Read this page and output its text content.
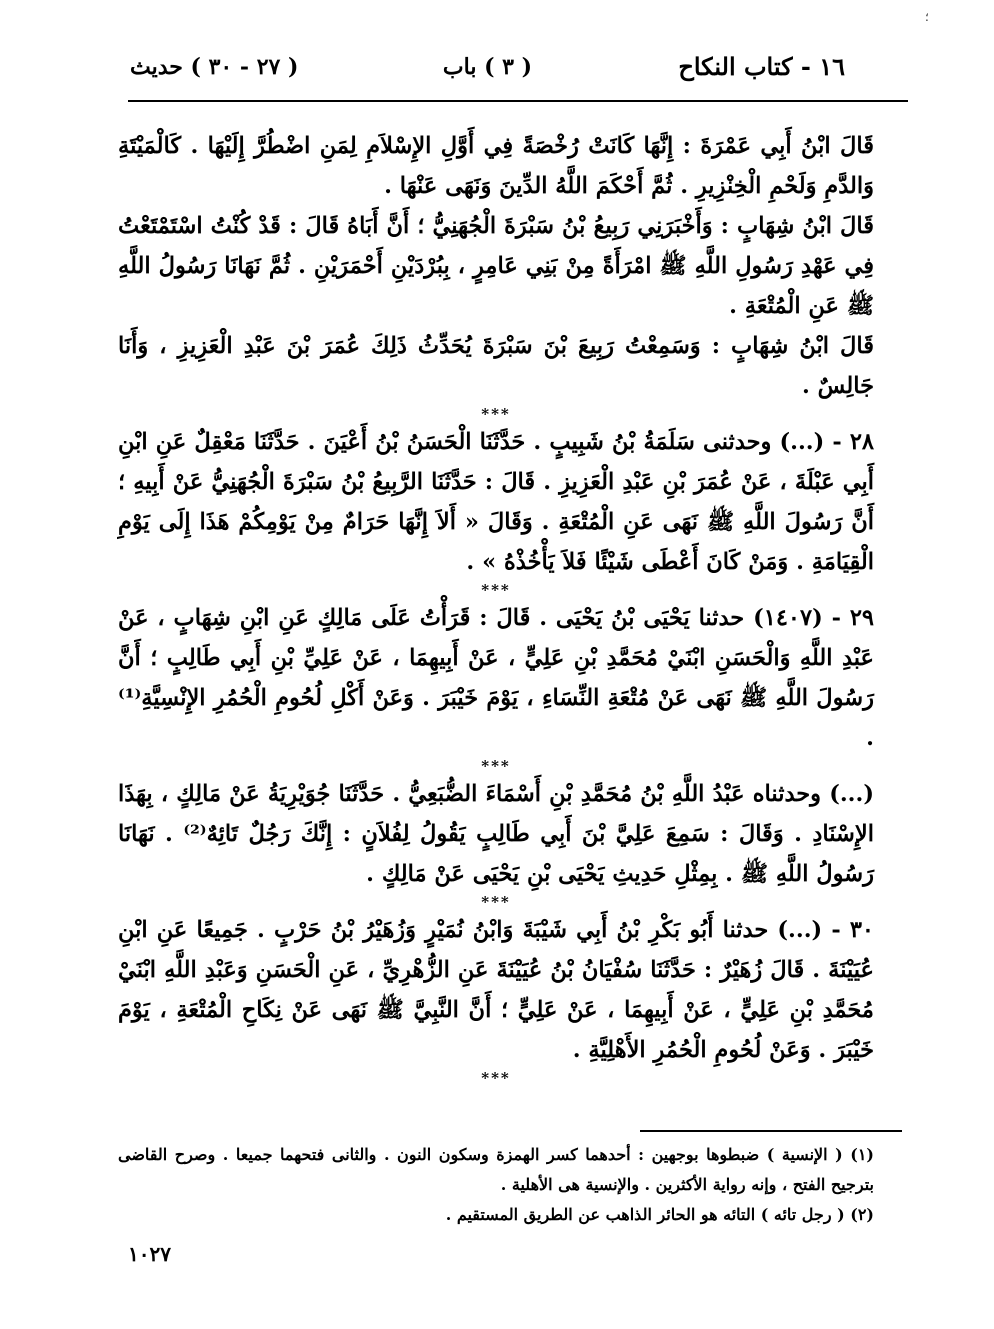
؛
١٦ - كتاب النكاح
( ٣ ) باب
( ٢٧ - ٣٠ ) حديث

قَالَ ابْنُ أَبِي عَمْرَةَ : إِنَّهَا كَانَتْ رُخْصَةً فِي أَوَّلِ الإِسْلاَمِ لِمَنِ اضْطُرَّ إِلَيْهَا . كَالْمَيْتَةِ وَالدَّمِ وَلَحْمِ الْخِنْزِيرِ . ثُمَّ أَحْكَمَ اللَّهُ الدِّينَ وَنَهَى عَنْهَا .

قَالَ ابْنُ شِهَابٍ : وَأَخْبَرَنِي رَبِيعُ بْنُ سَبْرَةَ الْجُهَنِيُّ ؛ أَنَّ أَبَاهُ قَالَ : قَدْ كُنْتُ اسْتَمْتَعْتُ فِي عَهْدِ رَسُولِ اللَّهِ ﷺ امْرَأَةً مِنْ بَنِي عَامِرٍ ، بِبُرْدَيْنِ أَحْمَرَيْنِ . ثُمَّ نَهَانَا رَسُولُ اللَّهِ ﷺ عَنِ الْمُتْعَةِ .

قَالَ ابْنُ شِهَابٍ : وَسَمِعْتُ رَبِيعَ بْنَ سَبْرَةَ يُحَدِّثُ ذَلِكَ عُمَرَ بْنَ عَبْدِ الْعَزِيزِ ، وَأَنَا جَالِسٌ .

***

٢٨ - (...) وحدثنى سَلَمَةُ بْنُ شَبِيبٍ . حَدَّثَنَا الْحَسَنُ بْنُ أَعْيَنَ . حَدَّثَنَا مَعْقِلٌ عَنِ ابْنِ أَبِي عَبْلَةَ ، عَنْ عُمَرَ بْنِ عَبْدِ الْعَزِيزِ . قَالَ : حَدَّثَنَا الرَّبِيعُ بْنُ سَبْرَةَ الْجُهَنِيُّ عَنْ أَبِيهِ ؛ أَنَّ رَسُولَ اللَّهِ ﷺ نَهَى عَنِ الْمُتْعَةِ . وَقَالَ « أَلاَ إِنَّهَا حَرَامٌ مِنْ يَوْمِكُمْ هَذَا إِلَى يَوْمِ الْقِيَامَةِ . وَمَنْ كَانَ أَعْطَى شَيْئًا فَلاَ يَأْخُذْهُ » .

***

٢٩ - (١٤٠٧) حدثنا يَحْيَى بْنُ يَحْيَى . قَالَ : قَرَأْتُ عَلَى مَالِكٍ عَنِ ابْنِ شِهَابٍ ، عَنْ عَبْدِ اللَّهِ وَالْحَسَنِ ابْنَيْ مُحَمَّدِ بْنِ عَلِيٍّ ، عَنْ أَبِيهِمَا ، عَنْ عَلِيِّ بْنِ أَبِي طَالِبٍ ؛ أَنَّ رَسُولَ اللَّهِ ﷺ نَهَى عَنْ مُتْعَةِ النِّسَاءِ ، يَوْمَ خَيْبَرَ . وَعَنْ أَكْلِ لُحُومِ الْحُمُرِ الإِنْسِيَّةِ⁽¹⁾ .

***

(...) وحدثناه عَبْدُ اللَّهِ بْنُ مُحَمَّدِ بْنِ أَسْمَاءَ الضُّبَعِيُّ . حَدَّثَنَا جُوَيْرِيَةُ عَنْ مَالِكٍ ، بِهَذَا الإِسْنَادِ . وَقَالَ : سَمِعَ عَلِيَّ بْنَ أَبِي طَالِبٍ يَقُولُ لِفُلاَنٍ : إِنَّكَ رَجُلٌ تَائِهٌ⁽²⁾ . نَهَانَا رَسُولُ اللَّهِ ﷺ . بِمِثْلِ حَدِيثِ يَحْيَى بْنِ يَحْيَى عَنْ مَالِكٍ .

***

٣٠ - (...) حدثنا أَبُو بَكْرِ بْنُ أَبِي شَيْبَةَ وَابْنُ نُمَيْرٍ وَزُهَيْرُ بْنُ حَرْبٍ . جَمِيعًا عَنِ ابْنِ عُيَيْنَةَ . قَالَ زُهَيْرٌ : حَدَّثَنَا سُفْيَانُ بْنُ عُيَيْنَةَ عَنِ الزُّهْرِيِّ ، عَنِ الْحَسَنِ وَعَبْدِ اللَّهِ ابْنَيْ مُحَمَّدِ بْنِ عَلِيٍّ ، عَنْ أَبِيهِمَا ، عَنْ عَلِيٍّ ؛ أَنَّ النَّبِيَّ ﷺ نَهَى عَنْ نِكَاحِ الْمُتْعَةِ ، يَوْمَ خَيْبَرَ . وَعَنْ لُحُومِ الْحُمُرِ الأَهْلِيَّةِ .

***

(١) ( الإنسية ) ضبطوها بوجهين : أحدهما كسر الهمزة وسكون النون . والثانى فتحهما جميعا . وصرح القاضى بترجيح الفتح ، وإنه رواية الأكثرين . والإنسية هى الأهلية .

(٢) ( رجل تائه ) التائه هو الحائر الذاهب عن الطريق المستقيم .

١٠٢٧
